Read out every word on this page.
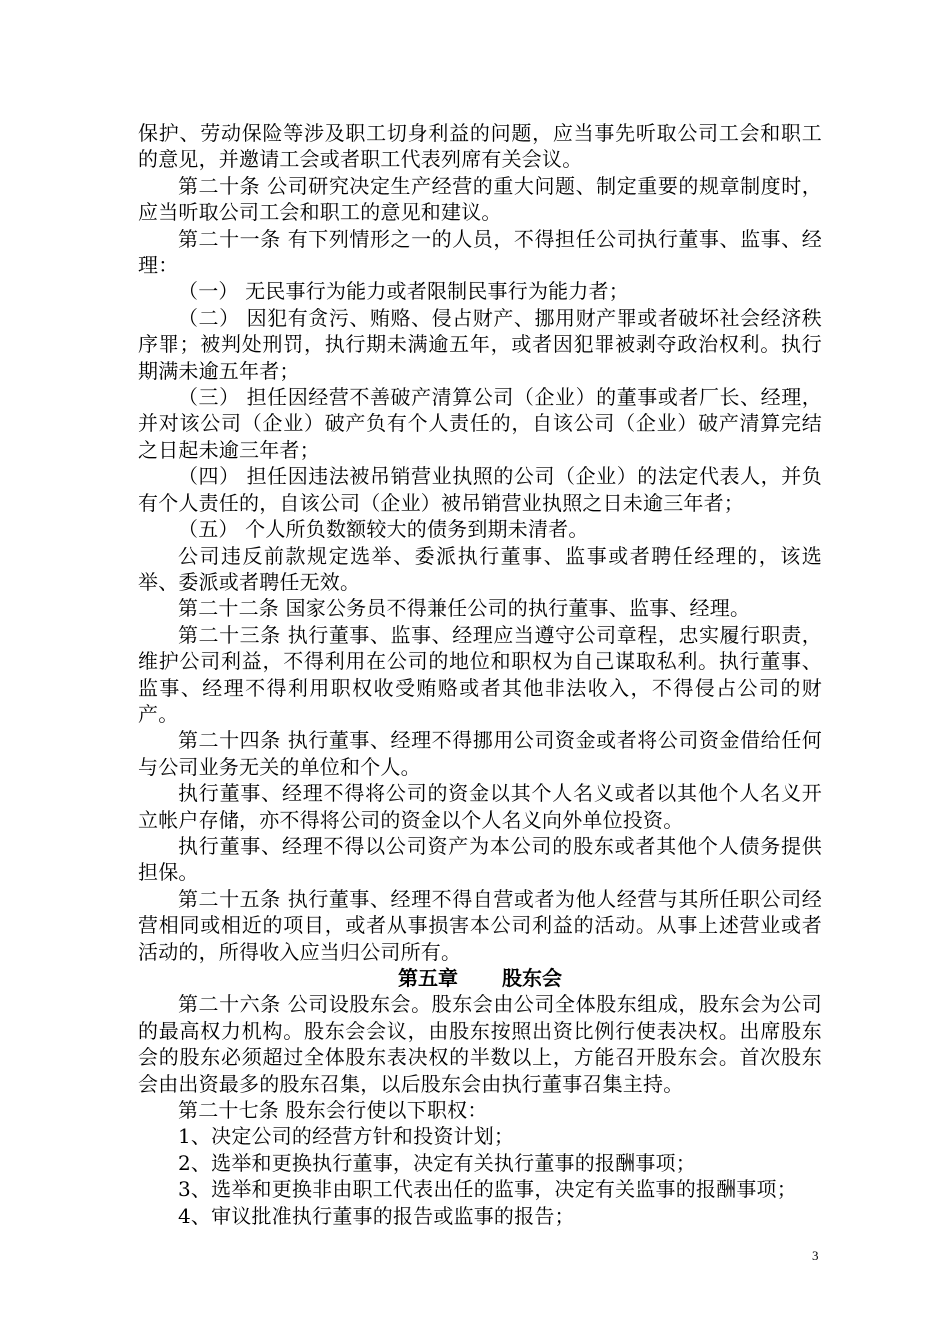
保护、劳动保险等涉及职工切身利益的问题，应当事先听取公司工会和职工的意见，并邀请工会或者职工代表列席有关会议。

第二十条 公司研究决定生产经营的重大问题、制定重要的规章制度时，应当听取公司工会和职工的意见和建议。

第二十一条 有下列情形之一的人员，不得担任公司执行董事、监事、经理：

（一） 无民事行为能力或者限制民事行为能力者；

（二） 因犯有贪污、贿赂、侵占财产、挪用财产罪或者破坏社会经济秩序罪；被判处刑罚，执行期未满逾五年，或者因犯罪被剥夺政治权利。执行期满未逾五年者；

（三） 担任因经营不善破产清算公司（企业）的董事或者厂长、经理，并对该公司（企业）破产负有个人责任的，自该公司（企业）破产清算完结之日起未逾三年者；

（四） 担任因违法被吊销营业执照的公司（企业）的法定代表人，并负有个人责任的，自该公司（企业）被吊销营业执照之日未逾三年者；

（五） 个人所负数额较大的债务到期未清者。

公司违反前款规定选举、委派执行董事、监事或者聘任经理的，该选举、委派或者聘任无效。

第二十二条 国家公务员不得兼任公司的执行董事、监事、经理。

第二十三条 执行董事、监事、经理应当遵守公司章程，忠实履行职责，维护公司利益，不得利用在公司的地位和职权为自己谋取私利。执行董事、监事、经理不得利用职权收受贿赂或者其他非法收入，不得侵占公司的财产。

第二十四条 执行董事、经理不得挪用公司资金或者将公司资金借给任何与公司业务无关的单位和个人。

执行董事、经理不得将公司的资金以其个人名义或者以其他个人名义开立帐户存储，亦不得将公司的资金以个人名义向外单位投资。

执行董事、经理不得以公司资产为本公司的股东或者其他个人债务提供担保。

第二十五条 执行董事、经理不得自营或者为他人经营与其所任职公司经营相同或相近的项目，或者从事损害本公司利益的活动。从事上述营业或者活动的，所得收入应当归公司所有。

第五章 股东会

第二十六条 公司设股东会。股东会由公司全体股东组成，股东会为公司的最高权力机构。股东会会议，由股东按照出资比例行使表决权。出席股东会的股东必须超过全体股东表决权的半数以上，方能召开股东会。首次股东会由出资最多的股东召集，以后股东会由执行董事召集主持。

第二十七条 股东会行使以下职权：

1、决定公司的经营方针和投资计划；

2、选举和更换执行董事，决定有关执行董事的报酬事项；

3、选举和更换非由职工代表出任的监事，决定有关监事的报酬事项；

4、审议批准执行董事的报告或监事的报告；

3
